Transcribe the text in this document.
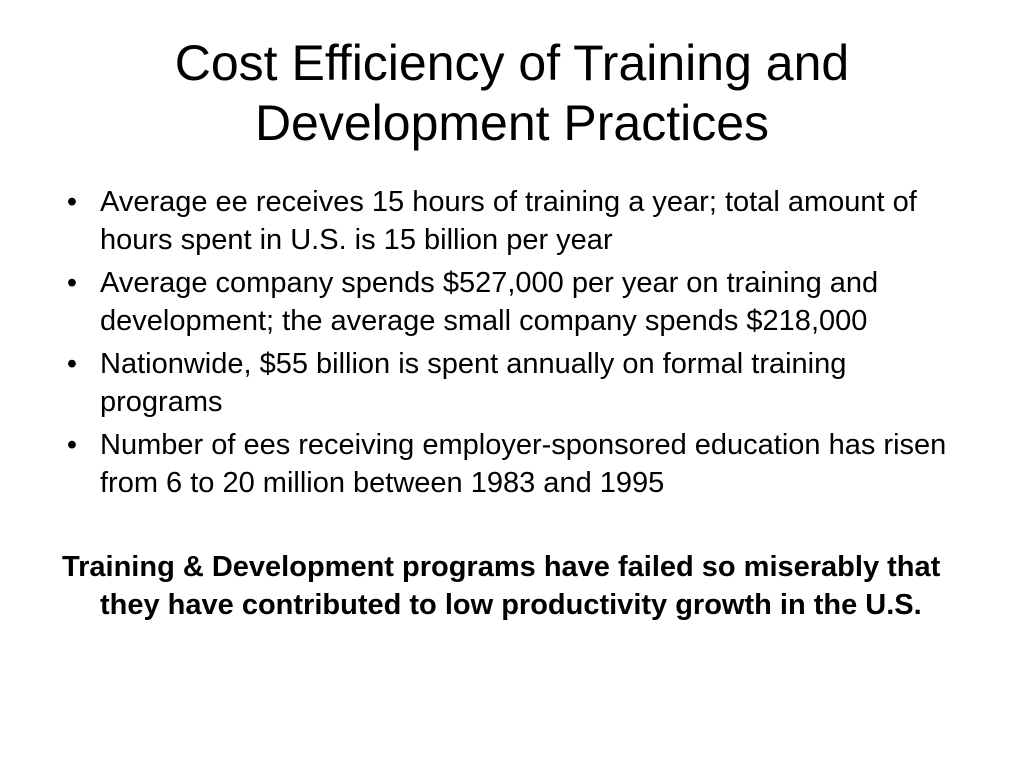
Cost Efficiency of Training and
Development Practices
• Average ee receives 15 hours of training a year; total amount of hours spent in U.S. is 15 billion per year
• Average company spends $527,000 per year on training and development; the average small company spends $218,000
• Nationwide, $55 billion is spent annually on formal training programs
• Number of ees receiving employer-sponsored education has risen from 6 to 20 million between 1983 and 1995

Training & Development programs have failed so miserably that they have contributed to low productivity growth in the U.S.
